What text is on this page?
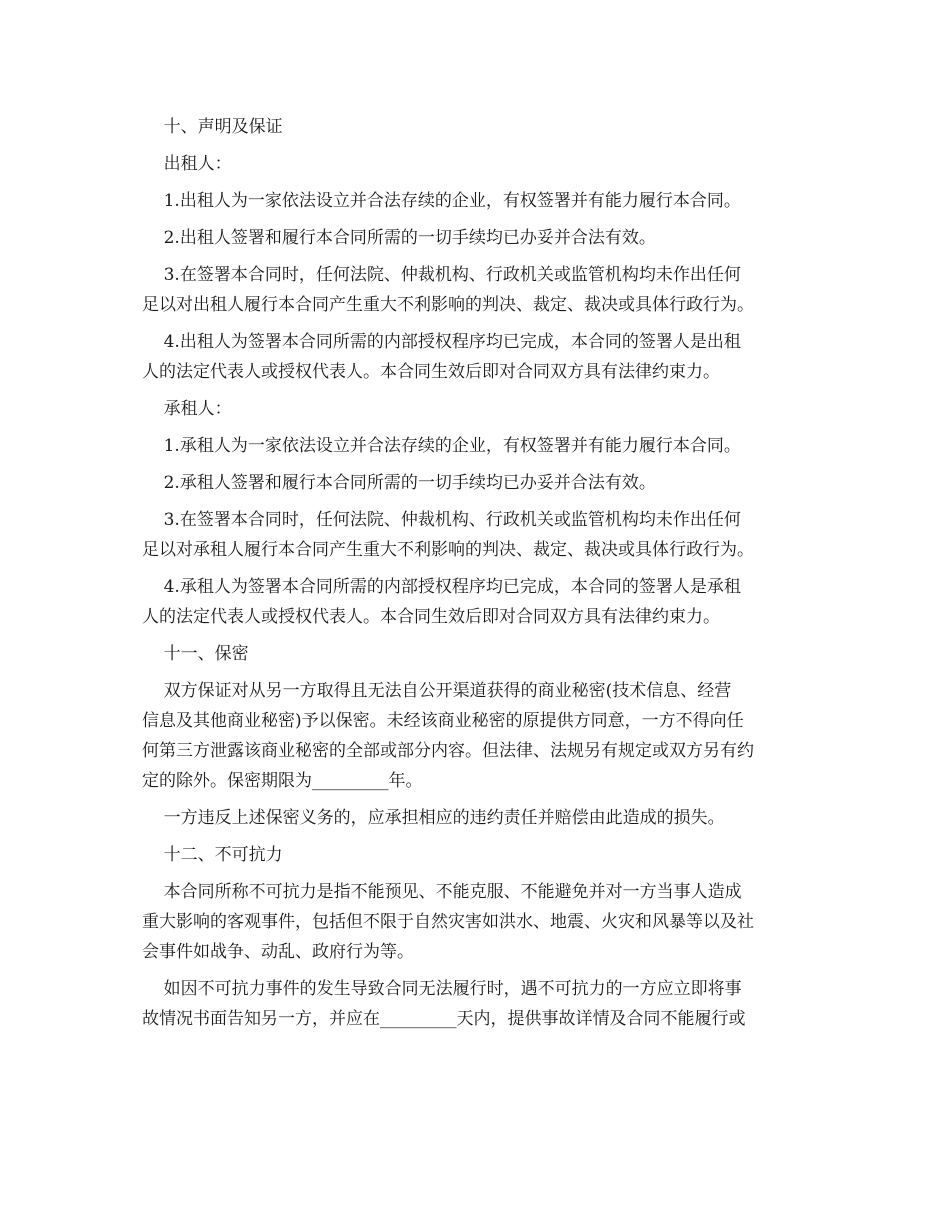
十、声明及保证
出租人：
1.出租人为一家依法设立并合法存续的企业，有权签署并有能力履行本合同。
2.出租人签署和履行本合同所需的一切手续均已办妥并合法有效。
3.在签署本合同时，任何法院、仲裁机构、行政机关或监管机构均未作出任何
足以对出租人履行本合同产生重大不利影响的判决、裁定、裁决或具体行政行为。
4.出租人为签署本合同所需的内部授权程序均已完成，本合同的签署人是出租
人的法定代表人或授权代表人。本合同生效后即对合同双方具有法律约束力。
承租人：
1.承租人为一家依法设立并合法存续的企业，有权签署并有能力履行本合同。
2.承租人签署和履行本合同所需的一切手续均已办妥并合法有效。
3.在签署本合同时，任何法院、仲裁机构、行政机关或监管机构均未作出任何
足以对承租人履行本合同产生重大不利影响的判决、裁定、裁决或具体行政行为。
4.承租人为签署本合同所需的内部授权程序均已完成，本合同的签署人是承租
人的法定代表人或授权代表人。本合同生效后即对合同双方具有法律约束力。
十一、保密
双方保证对从另一方取得且无法自公开渠道获得的商业秘密(技术信息、经营
信息及其他商业秘密)予以保密。未经该商业秘密的原提供方同意，一方不得向任
何第三方泄露该商业秘密的全部或部分内容。但法律、法规另有规定或双方另有约
定的除外。保密期限为_________年。
一方违反上述保密义务的，应承担相应的违约责任并赔偿由此造成的损失。
十二、不可抗力
本合同所称不可抗力是指不能预见、不能克服、不能避免并对一方当事人造成
重大影响的客观事件，包括但不限于自然灾害如洪水、地震、火灾和风暴等以及社
会事件如战争、动乱、政府行为等。
如因不可抗力事件的发生导致合同无法履行时，遇不可抗力的一方应立即将事
故情况书面告知另一方，并应在_________天内，提供事故详情及合同不能履行或
